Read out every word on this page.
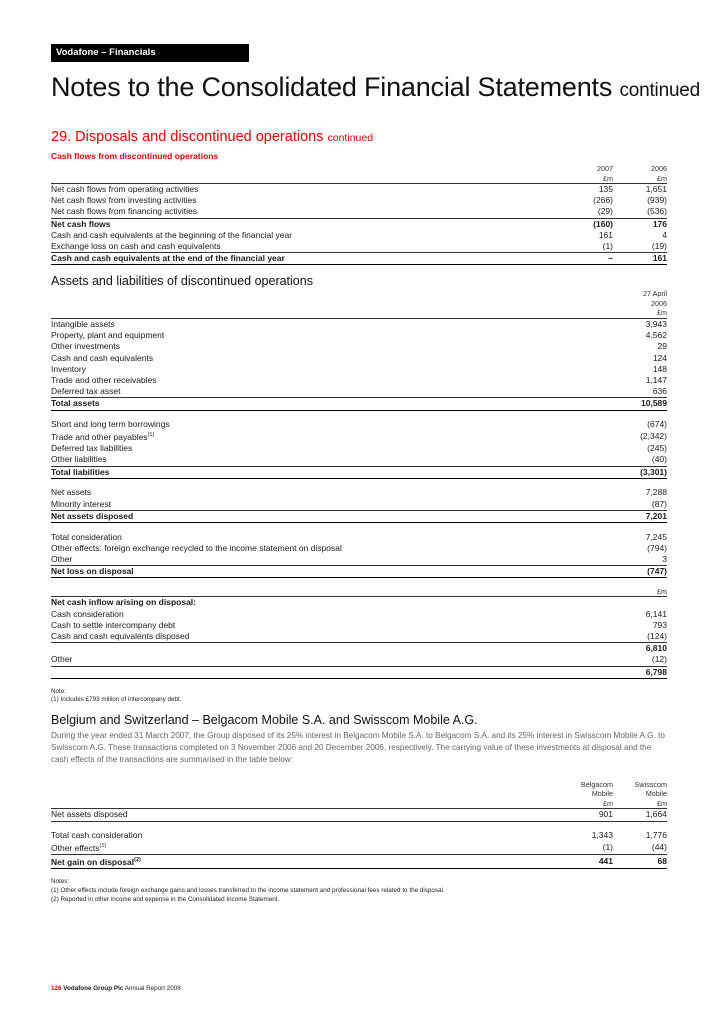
Vodafone – Financials
Notes to the Consolidated Financial Statements continued
29. Disposals and discontinued operations continued
Cash flows from discontinued operations
	2007	2006
	£m	£m
Net cash flows from operating activities	135	1,651
Net cash flows from investing activities	(266)	(939)
Net cash flows from financing activities	(29)	(536)
Net cash flows	(160)	176
Cash and cash equivalents at the beginning of the financial year	161	4
Exchange loss on cash and cash equivalents	(1)	(19)
Cash and cash equivalents at the end of the financial year	–	161
Assets and liabilities of discontinued operations
	27 April
	2006
	£m
Intangible assets	3,943
Property, plant and equipment	4,562
Other investments	29
Cash and cash equivalents	124
Inventory	148
Trade and other receivables	1,147
Deferred tax asset	636
Total assets	10,589

Short and long term borrowings	(674)
Trade and other payables$^{(1)}$	(2,342)
Deferred tax liabilities	(245)
Other liabilities	(40)
Total liabilities	(3,301)

Net assets	7,288
Minority interest	(87)
Net assets disposed	7,201

Total consideration	7,245
Other effects: foreign exchange recycled to the income statement on disposal	(794)
Other	3
Net loss on disposal	(747)

	£m
Net cash inflow arising on disposal:	
Cash consideration	6,141
Cash to settle intercompany debt	793
Cash and cash equivalents disposed	(124)
	6,810
Other	(12)
	6,798
Note:
(1) Includes £793 million of intercompany debt.
Belgium and Switzerland – Belgacom Mobile S.A. and Swisscom Mobile A.G.
During the year ended 31 March 2007, the Group disposed of its 25% interest in Belgacom Mobile S.A. to Belgacom S.A. and its 25% interest in Swisscom Mobile A.G. to Swisscom A.G. These transactions completed on 3 November 2006 and 20 December 2006, respectively. The carrying value of these investments at disposal and the cash effects of the transactions are summarised in the table below:
	Belgacom	Swisscom
	Mobile	Mobile
	£m	£m
Net assets disposed	901	1,664

Total cash consideration	1,343	1,776
Other effects$^{(1)}$	(1)	(44)
Net gain on disposal$^{(2)}$	441	68
Notes:
(1) Other effects include foreign exchange gains and losses transferred to the income statement and professional fees related to the disposal.
(2) Reported in other income and expense in the Consolidated Income Statement.
126 Vodafone Group Plc Annual Report 2008
